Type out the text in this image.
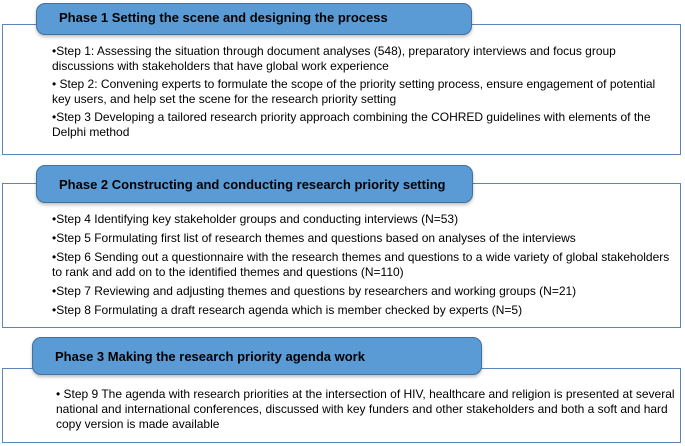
Phase 1 Setting the scene and designing the process
•Step 1: Assessing the situation through document analyses (548), preparatory interviews and focus group discussions with stakeholders that have global work experience
• Step 2: Convening experts to formulate the scope of the priority setting process, ensure engagement of potential key users, and help set the scene for the research priority setting
•Step 3 Developing a tailored research priority approach combining the COHRED guidelines with elements of the Delphi method
Phase 2 Constructing and conducting research priority setting
•Step 4 Identifying key stakeholder groups and conducting interviews (N=53)
•Step 5 Formulating first list of research themes and questions based on analyses of the interviews
•Step 6 Sending out a questionnaire with the research themes and questions to a wide variety of global stakeholders to rank and add on to the identified themes and questions (N=110)
•Step 7 Reviewing and adjusting themes and questions by researchers and working groups (N=21)
•Step 8 Formulating a draft research agenda which is member checked by experts (N=5)
Phase 3 Making the research priority agenda work
• Step 9 The agenda with research priorities at the intersection of HIV, healthcare and religion is presented at several national and international conferences, discussed with key funders and other stakeholders and both a soft and hard copy version is made available
